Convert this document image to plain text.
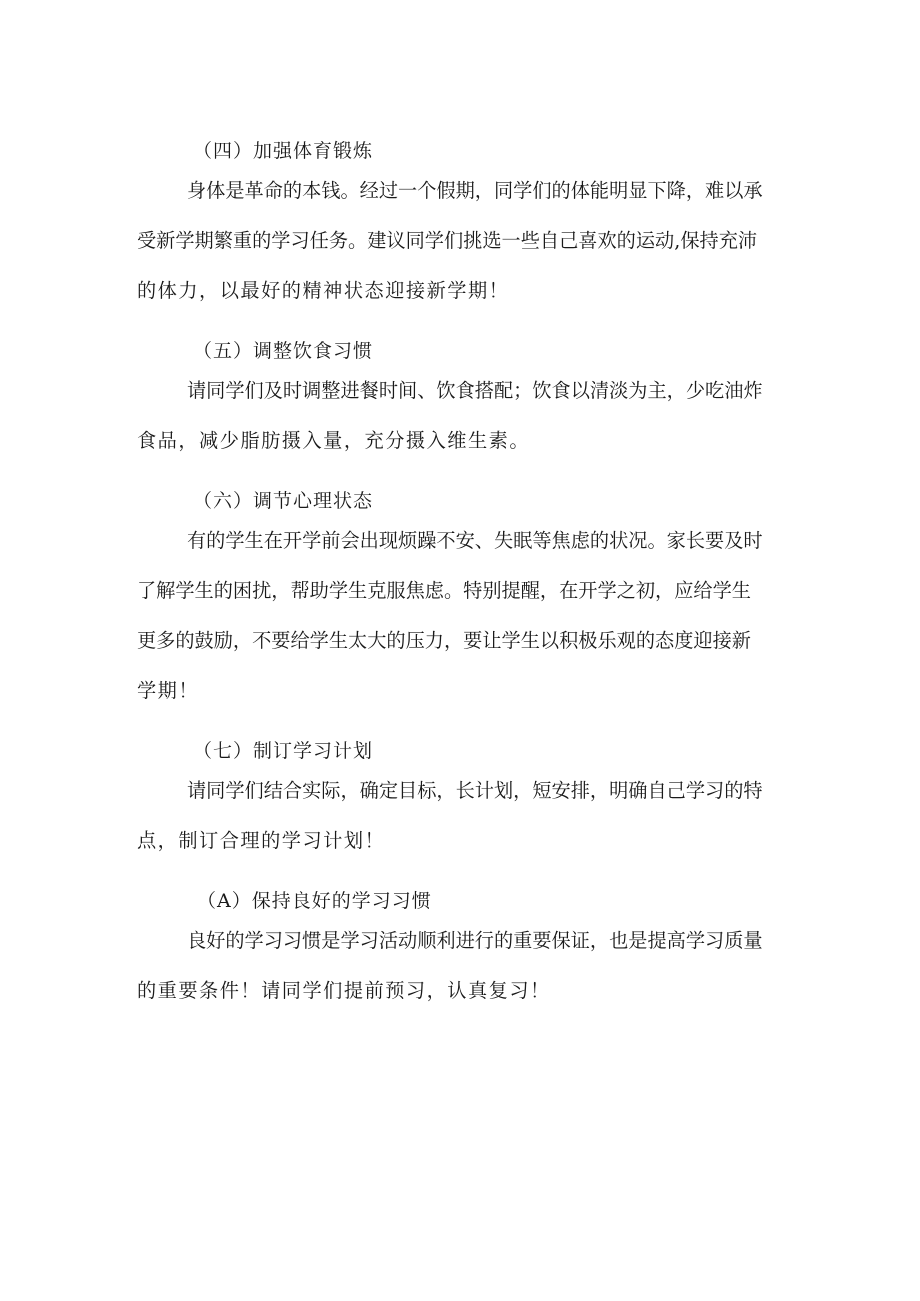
（四）加强体育锻炼

身体是革命的本钱。经过一个假期，同学们的体能明显下降，难以承
受新学期繁重的学习任务。建议同学们挑选一些自己喜欢的运动,保持充沛
的体力，以最好的精神状态迎接新学期！

（五）调整饮食习惯

请同学们及时调整进餐时间、饮食搭配；饮食以清淡为主，少吃油炸
食品，减少脂肪摄入量，充分摄入维生素。

（六）调节心理状态

有的学生在开学前会出现烦躁不安、失眠等焦虑的状况。家长要及时
了解学生的困扰，帮助学生克服焦虑。特别提醒，在开学之初，应给学生
更多的鼓励，不要给学生太大的压力，要让学生以积极乐观的态度迎接新
学期！

（七）制订学习计划

请同学们结合实际，确定目标，长计划，短安排，明确自己学习的特
点，制订合理的学习计划！

（A）保持良好的学习习惯

良好的学习习惯是学习活动顺利进行的重要保证，也是提高学习质量
的重要条件！请同学们提前预习，认真复习！
